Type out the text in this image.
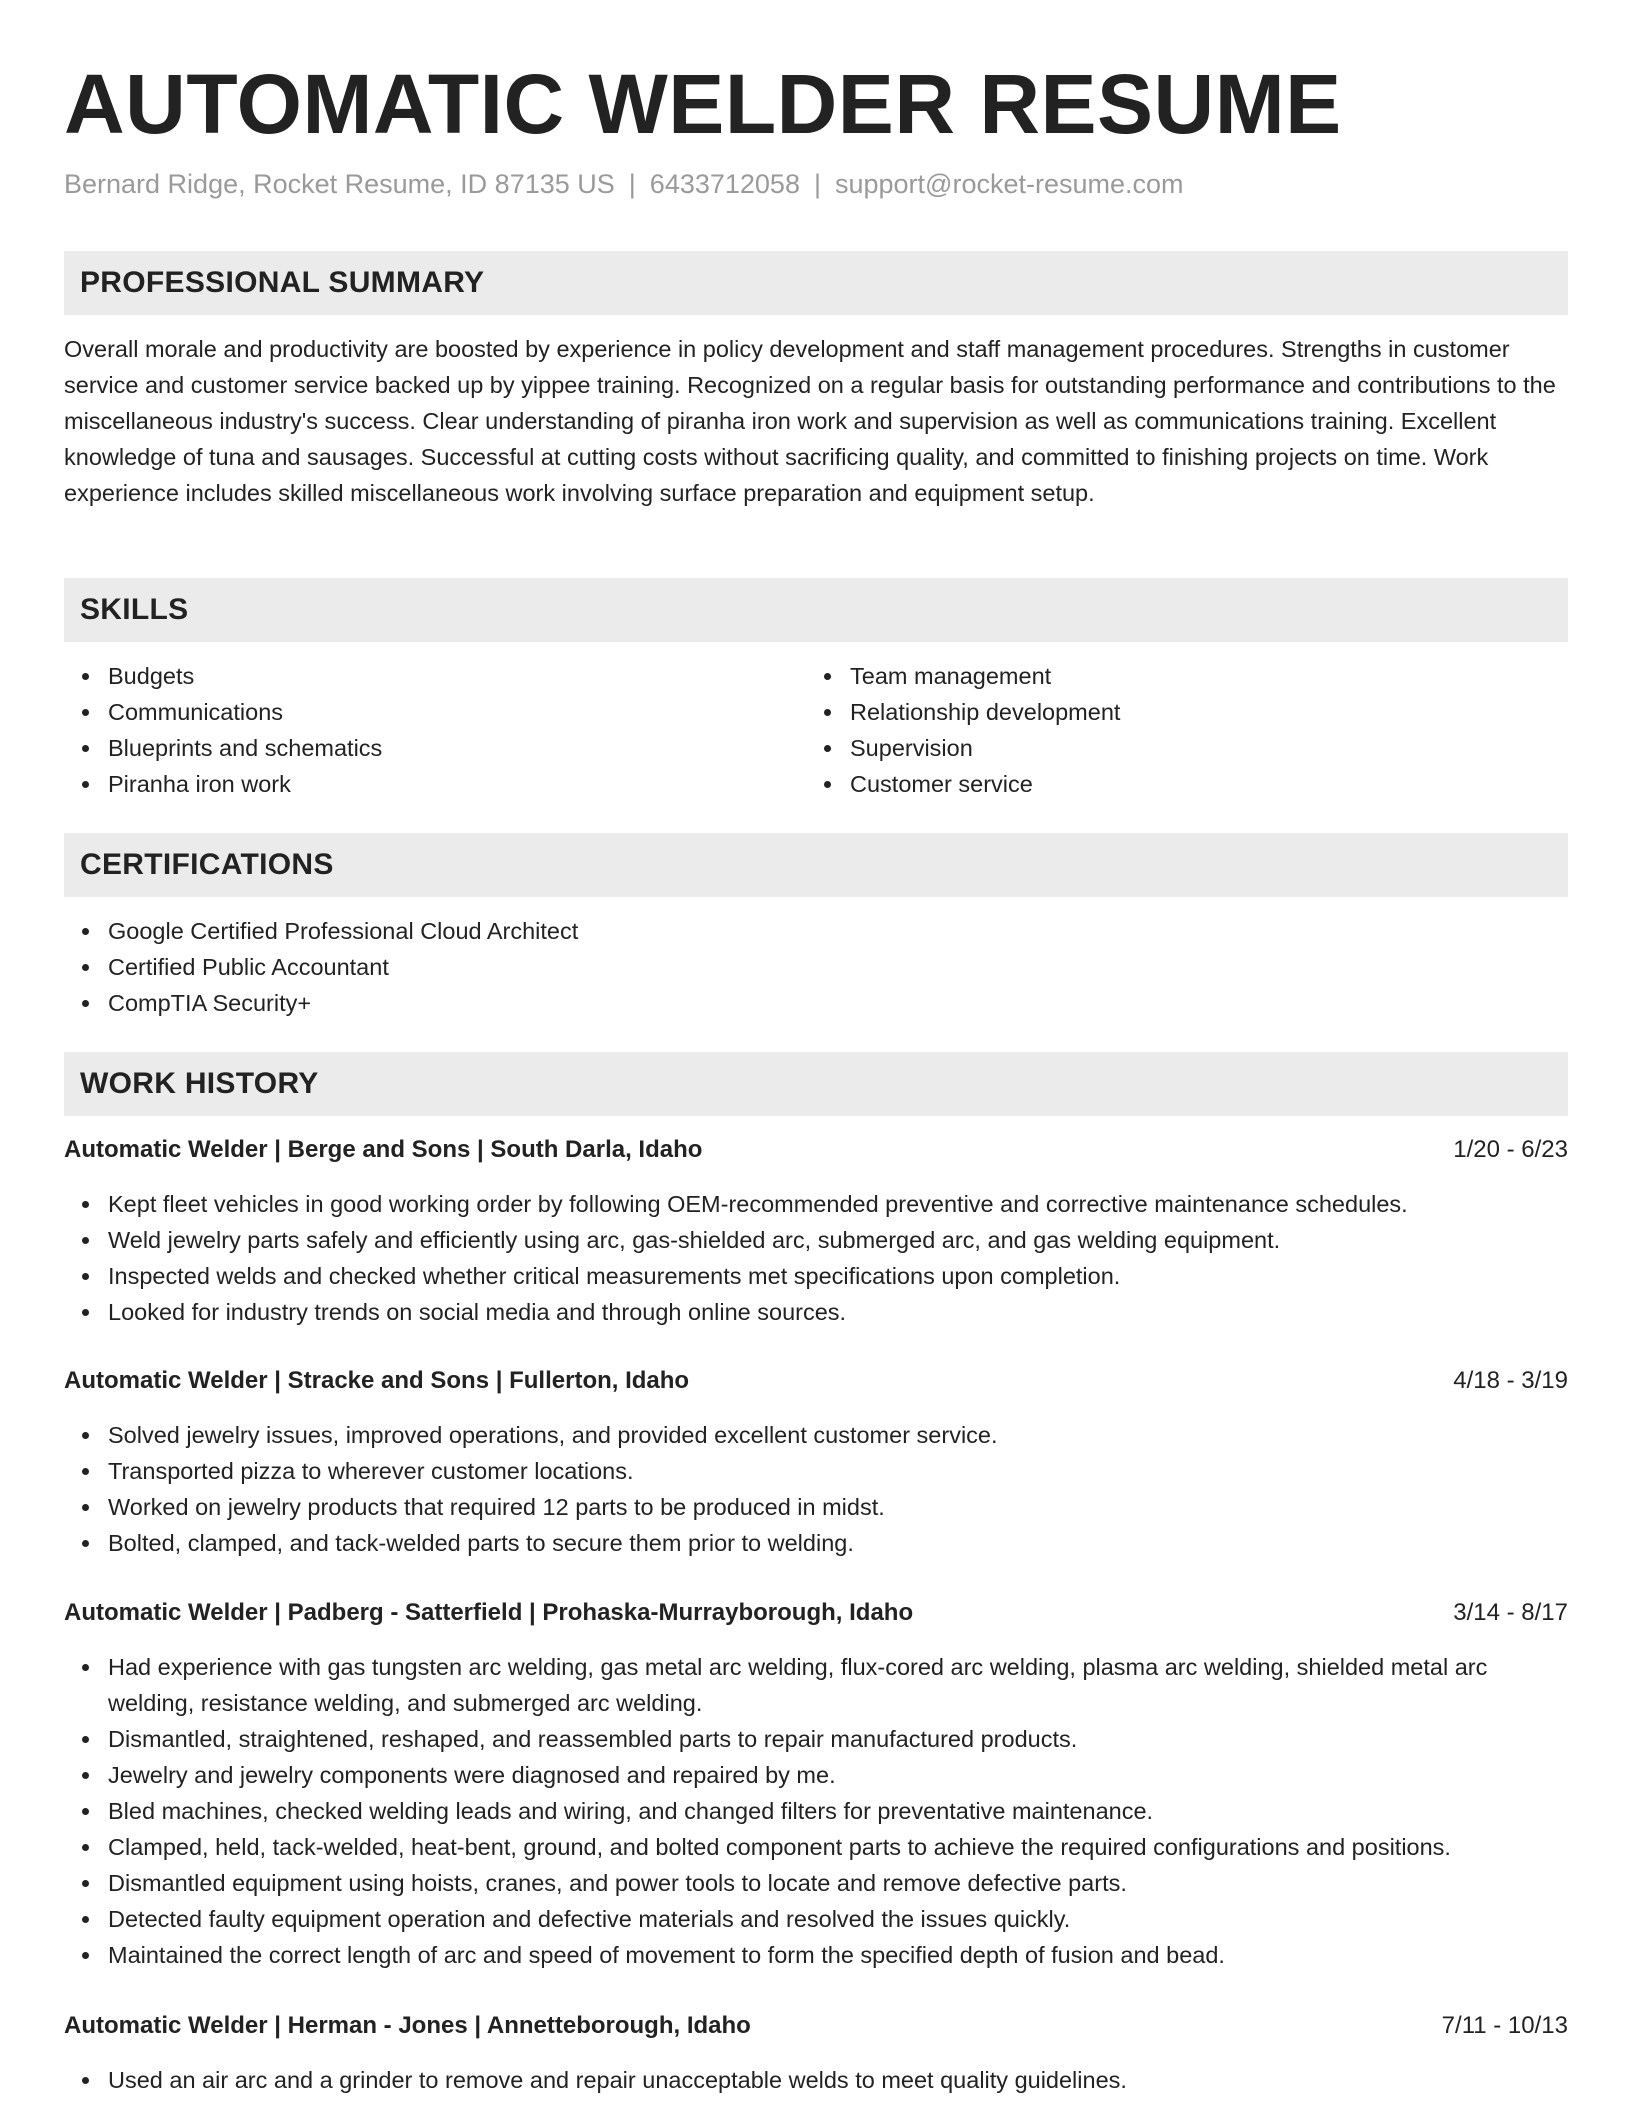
AUTOMATIC WELDER RESUME
Bernard Ridge, Rocket Resume, ID 87135 US | 6433712058 | support@rocket-resume.com
PROFESSIONAL SUMMARY

Overall morale and productivity are boosted by experience in policy development and staff management procedures. Strengths in customer service and customer service backed up by yippee training. Recognized on a regular basis for outstanding performance and contributions to the miscellaneous industry's success. Clear understanding of piranha iron work and supervision as well as communications training. Excellent knowledge of tuna and sausages. Successful at cutting costs without sacrificing quality, and committed to finishing projects on time. Work experience includes skilled miscellaneous work involving surface preparation and equipment setup.

SKILLS
Budgets
Communications
Blueprints and schematics
Piranha iron work
Team management
Relationship development
Supervision
Customer service
CERTIFICATIONS
Google Certified Professional Cloud Architect
Certified Public Accountant
CompTIA Security+
WORK HISTORY
Automatic Welder | Berge and Sons | South Darla, Idaho	1/20 - 6/23
Kept fleet vehicles in good working order by following OEM-recommended preventive and corrective maintenance schedules.
Weld jewelry parts safely and efficiently using arc, gas-shielded arc, submerged arc, and gas welding equipment.
Inspected welds and checked whether critical measurements met specifications upon completion.
Looked for industry trends on social media and through online sources.
Automatic Welder | Stracke and Sons | Fullerton, Idaho	4/18 - 3/19
Solved jewelry issues, improved operations, and provided excellent customer service.
Transported pizza to wherever customer locations.
Worked on jewelry products that required 12 parts to be produced in midst.
Bolted, clamped, and tack-welded parts to secure them prior to welding.
Automatic Welder | Padberg - Satterfield | Prohaska-Murrayborough, Idaho	3/14 - 8/17
Had experience with gas tungsten arc welding, gas metal arc welding, flux-cored arc welding, plasma arc welding, shielded metal arc welding, resistance welding, and submerged arc welding.
Dismantled, straightened, reshaped, and reassembled parts to repair manufactured products.
Jewelry and jewelry components were diagnosed and repaired by me.
Bled machines, checked welding leads and wiring, and changed filters for preventative maintenance.
Clamped, held, tack-welded, heat-bent, ground, and bolted component parts to achieve the required configurations and positions.
Dismantled equipment using hoists, cranes, and power tools to locate and remove defective parts.
Detected faulty equipment operation and defective materials and resolved the issues quickly.
Maintained the correct length of arc and speed of movement to form the specified depth of fusion and bead.
Automatic Welder | Herman - Jones | Annetteborough, Idaho	7/11 - 10/13
Used an air arc and a grinder to remove and repair unacceptable welds to meet quality guidelines.
